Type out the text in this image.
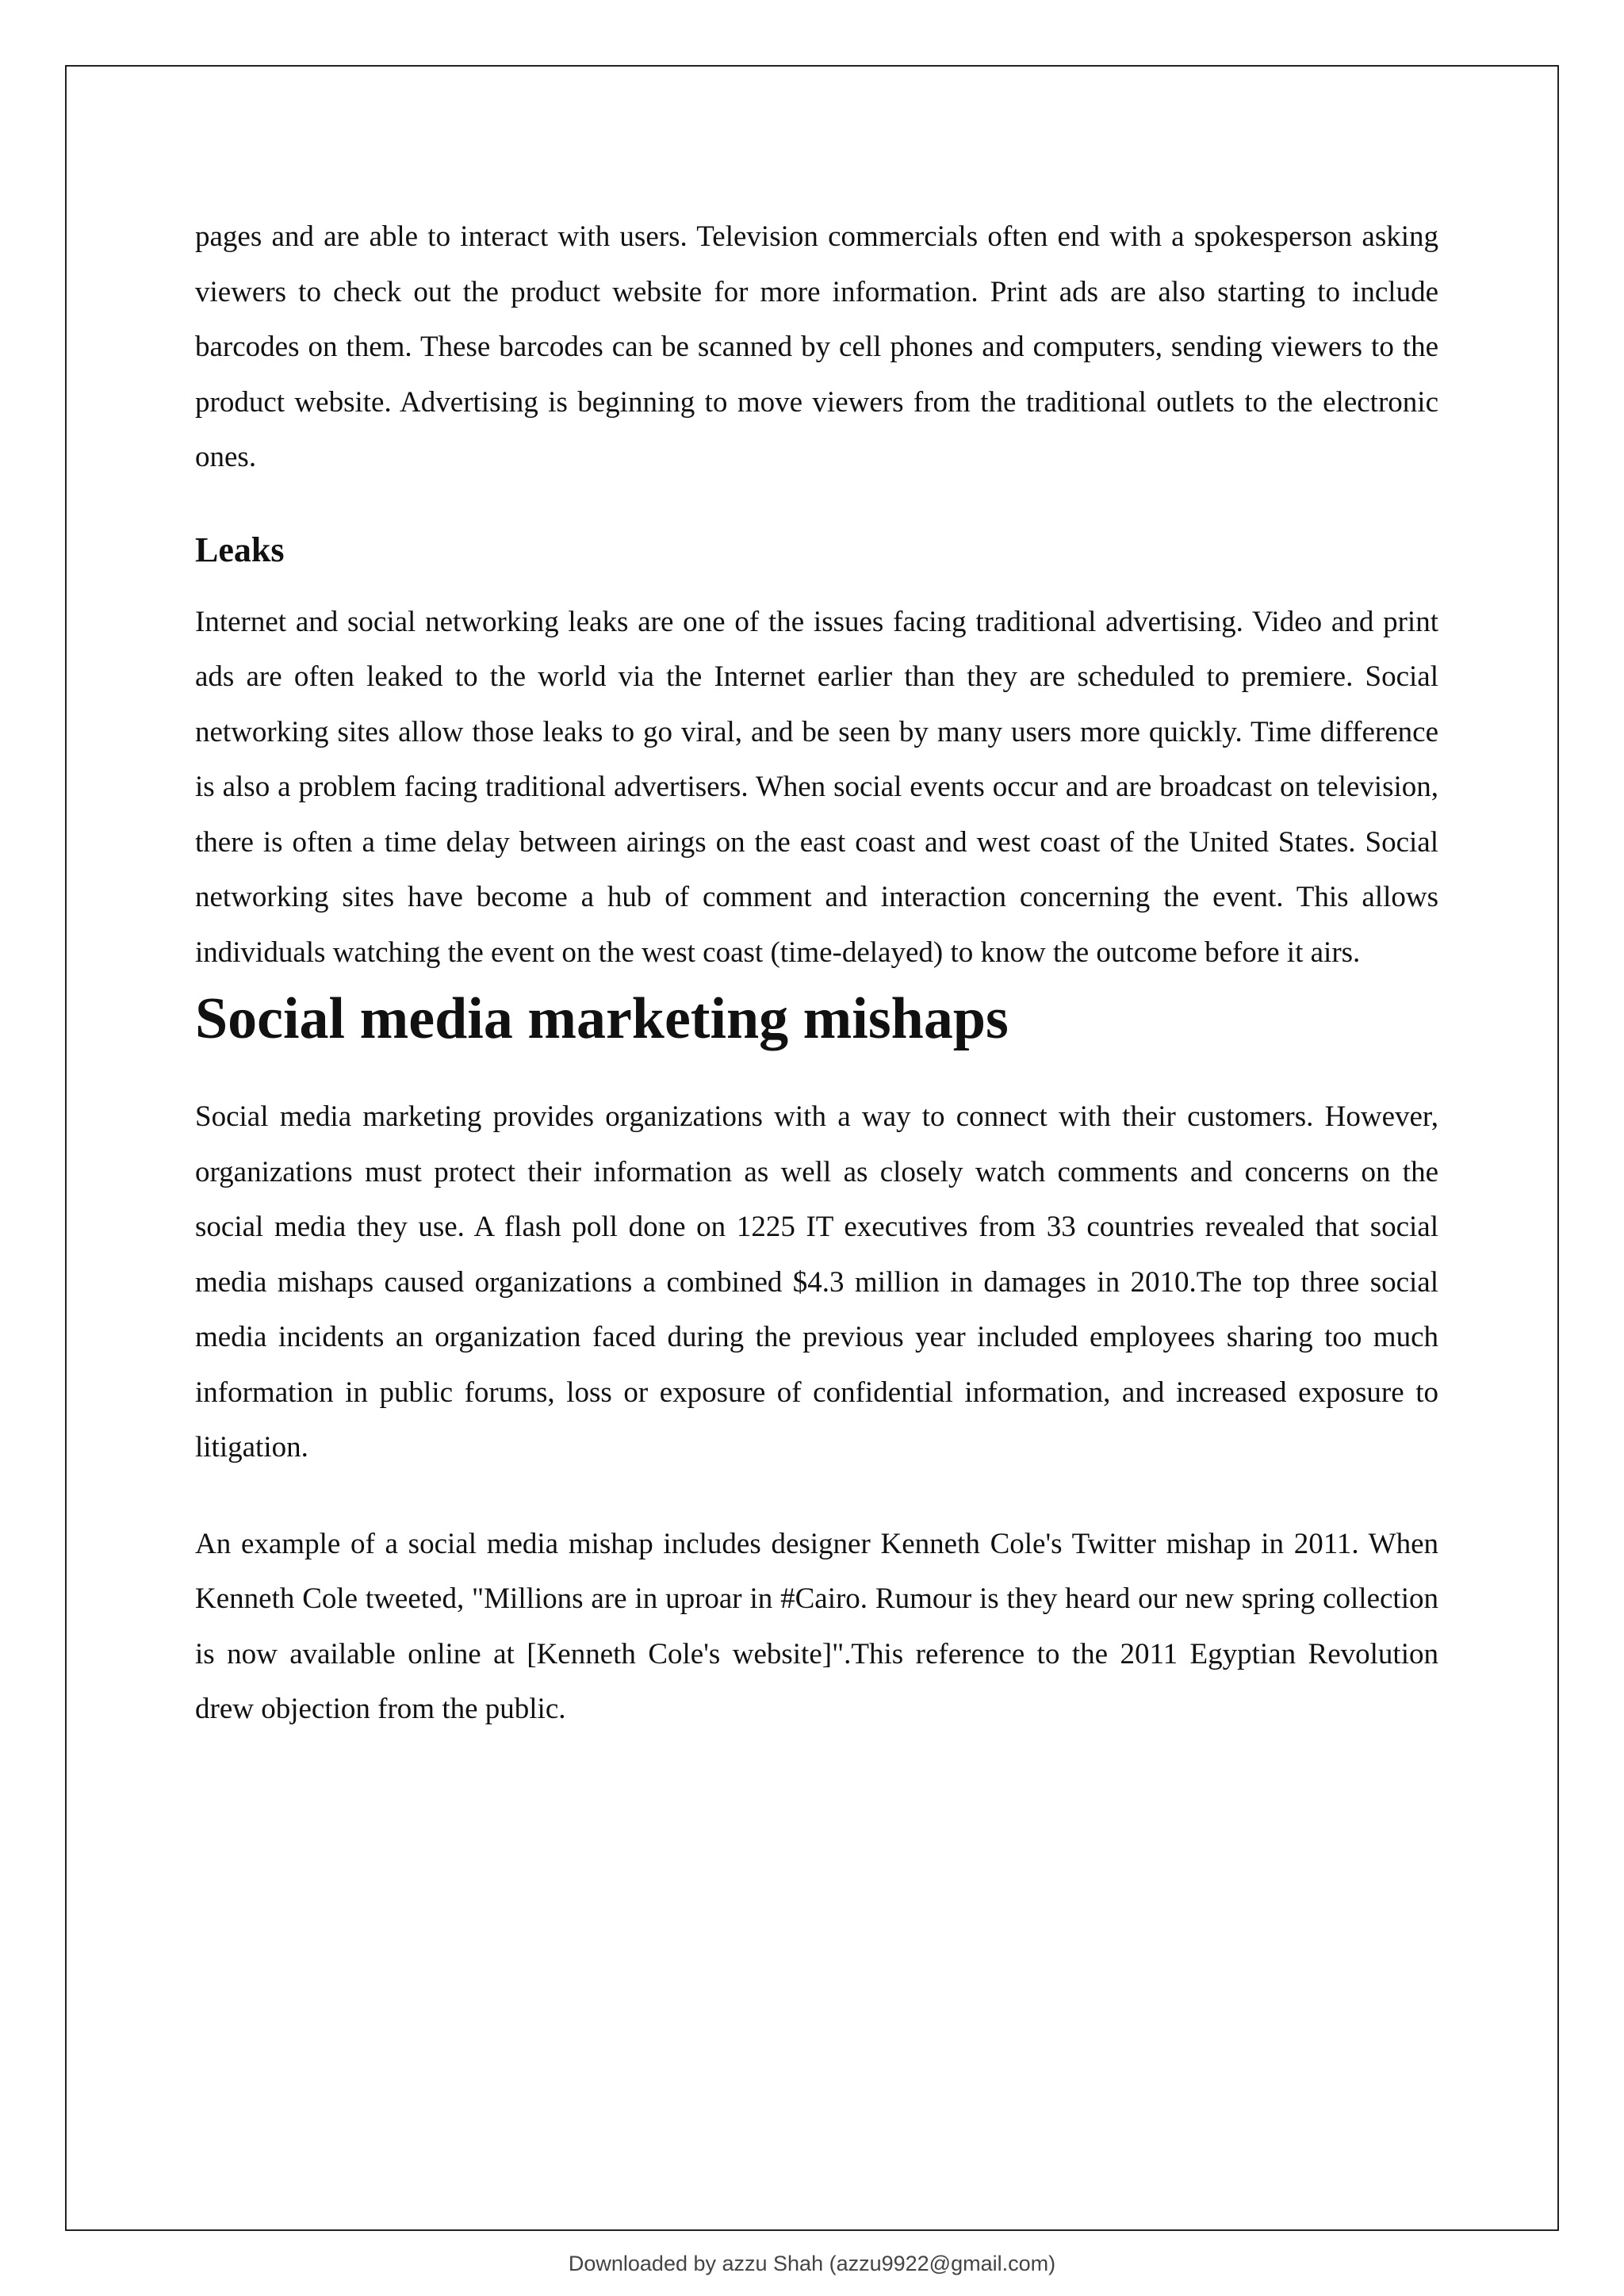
pages and are able to interact with users. Television commercials often end with a spokesperson asking viewers to check out the product website for more information. Print ads are also starting to include barcodes on them. These barcodes can be scanned by cell phones and computers, sending viewers to the product website. Advertising is beginning to move viewers from the traditional outlets to the electronic ones.

Leaks

Internet and social networking leaks are one of the issues facing traditional advertising. Video and print ads are often leaked to the world via the Internet earlier than they are scheduled to premiere. Social networking sites allow those leaks to go viral, and be seen by many users more quickly. Time difference is also a problem facing traditional advertisers. When social events occur and are broadcast on television, there is often a time delay between airings on the east coast and west coast of the United States. Social networking sites have become a hub of comment and interaction concerning the event. This allows individuals watching the event on the west coast (time-delayed) to know the outcome before it airs.

Social media marketing mishaps

Social media marketing provides organizations with a way to connect with their customers. However, organizations must protect their information as well as closely watch comments and concerns on the social media they use. A flash poll done on 1225 IT executives from 33 countries revealed that social media mishaps caused organizations a combined $4.3 million in damages in 2010.The top three social media incidents an organization faced during the previous year included employees sharing too much information in public forums, loss or exposure of confidential information, and increased exposure to litigation.

An example of a social media mishap includes designer Kenneth Cole's Twitter mishap in 2011. When Kenneth Cole tweeted, "Millions are in uproar in #Cairo. Rumour is they heard our new spring collection is now available online at [Kenneth Cole's website]".This reference to the 2011 Egyptian Revolution drew objection from the public.

Downloaded by azzu Shah (azzu9922@gmail.com)
